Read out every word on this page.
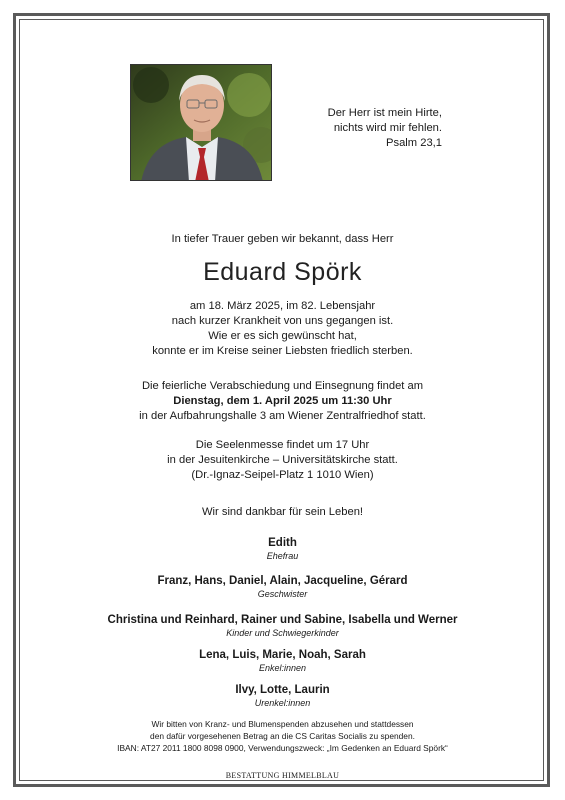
Der Herr ist mein Hirte,
nichts wird mir fehlen.
Psalm 23,1
In tiefer Trauer geben wir bekannt, dass Herr
Eduard Spörk
am 18. März 2025, im 82. Lebensjahr
nach kurzer Krankheit von uns gegangen ist.
Wie er es sich gewünscht hat,
konnte er im Kreise seiner Liebsten friedlich sterben.
Die feierliche Verabschiedung und Einsegnung findet am
Dienstag, dem 1. April 2025 um 11:30 Uhr
in der Aufbahrungshalle 3 am Wiener Zentralfriedhof statt.
Die Seelenmesse findet um 17 Uhr
in der Jesuitenkirche – Universitätskirche statt.
(Dr.-Ignaz-Seipel-Platz 1 1010 Wien)
Wir sind dankbar für sein Leben!
Edith
Ehefrau
Franz, Hans, Daniel, Alain, Jacqueline, Gérard
Geschwister
Christina und Reinhard, Rainer und Sabine, Isabella und Werner
Kinder und Schwiegerkinder
Lena, Luis, Marie, Noah, Sarah
Enkel:innen
Ilvy, Lotte, Laurin
Urenkel:innen
Wir bitten von Kranz- und Blumenspenden abzusehen und stattdessen
den dafür vorgesehenen Betrag an die CS Caritas Socialis zu spenden.
IBAN: AT27 2011 1800 8098 0900, Verwendungszweck: „Im Gedenken an Eduard Spörk“
BESTATTUNG HIMMELBLAU
